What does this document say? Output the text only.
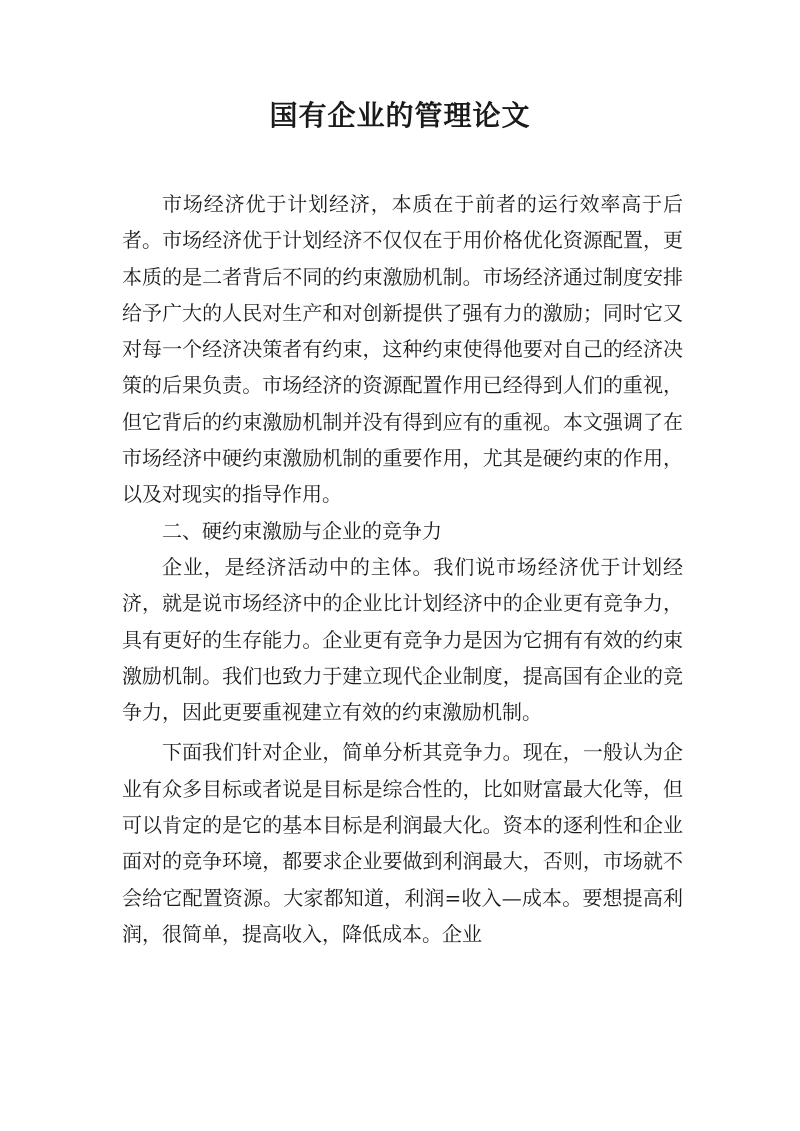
国有企业的管理论文

市场经济优于计划经济，本质在于前者的运行效率高于后者。市场经济优于计划经济不仅仅在于用价格优化资源配置，更本质的是二者背后不同的约束激励机制。市场经济通过制度安排给予广大的人民对生产和对创新提供了强有力的激励；同时它又对每一个经济决策者有约束，这种约束使得他要对自己的经济决策的后果负责。市场经济的资源配置作用已经得到人们的重视，但它背后的约束激励机制并没有得到应有的重视。本文强调了在市场经济中硬约束激励机制的重要作用，尤其是硬约束的作用，以及对现实的指导作用。

二、硬约束激励与企业的竞争力

企业，是经济活动中的主体。我们说市场经济优于计划经济，就是说市场经济中的企业比计划经济中的企业更有竞争力，具有更好的生存能力。企业更有竞争力是因为它拥有有效的约束激励机制。我们也致力于建立现代企业制度，提高国有企业的竞争力，因此更要重视建立有效的约束激励机制。

下面我们针对企业，简单分析其竞争力。现在，一般认为企业有众多目标或者说是目标是综合性的，比如财富最大化等，但可以肯定的是它的基本目标是利润最大化。资本的逐利性和企业面对的竞争环境，都要求企业要做到利润最大，否则，市场就不会给它配置资源。大家都知道，利润=收入—成本。要想提高利润，很简单，提高收入，降低成本。企业
